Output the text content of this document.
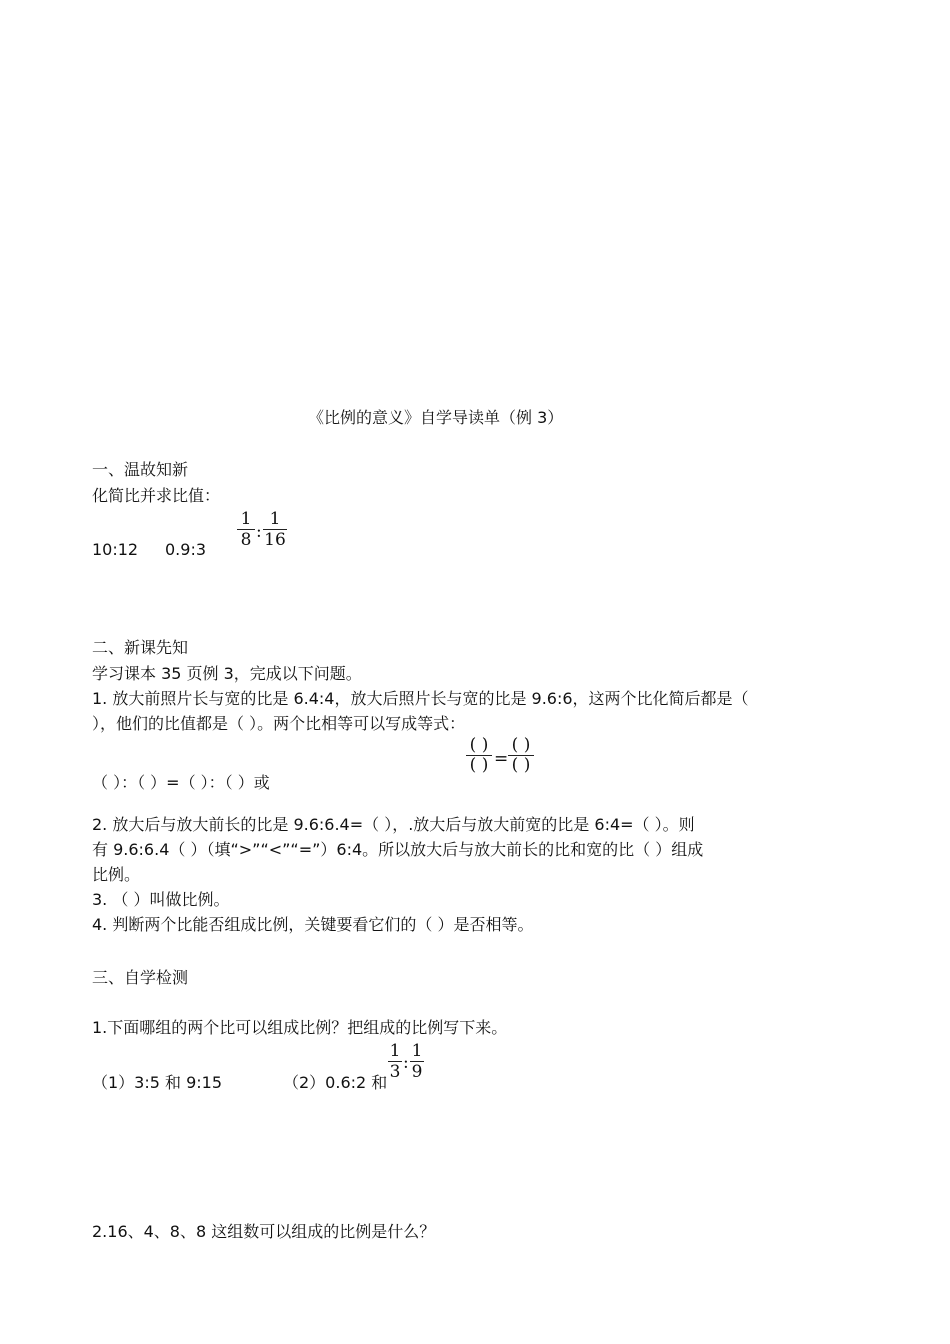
《比例的意义》自学导读单（例 3）
一、温故知新
化简比并求比值：
1
8 :
1
16
10:12 0.9:3
二、新课先知
学习课本 35 页例 3，完成以下问题。
1. 放大前照片长与宽的比是 6.4:4，放大后照片长与宽的比是 9.6:6，这两个比化简后都是（
），他们的比值都是（ ）。两个比相等可以写成等式：
( )
( ) =
( )
( )
（ ）：（ ）=（ ）：（ ）或
2. 放大后与放大前长的比是 9.6:6.4=（ ），.放大后与放大前宽的比是 6:4=（ ）。则
有 9.6:6.4（ ）（填“>”“<”“=”）6:4。所以放大后与放大前长的比和宽的比（ ）组成
比例。
3. （ ）叫做比例。
4. 判断两个比能否组成比例，关键要看它们的（ ）是否相等。
三、自学检测
1.下面哪组的两个比可以组成比例？把组成的比例写下来。
1
3 :
1
9
（1）3:5 和 9:15	（2）0.6:2 和
2.16、4、8、8 这组数可以组成的比例是什么？
